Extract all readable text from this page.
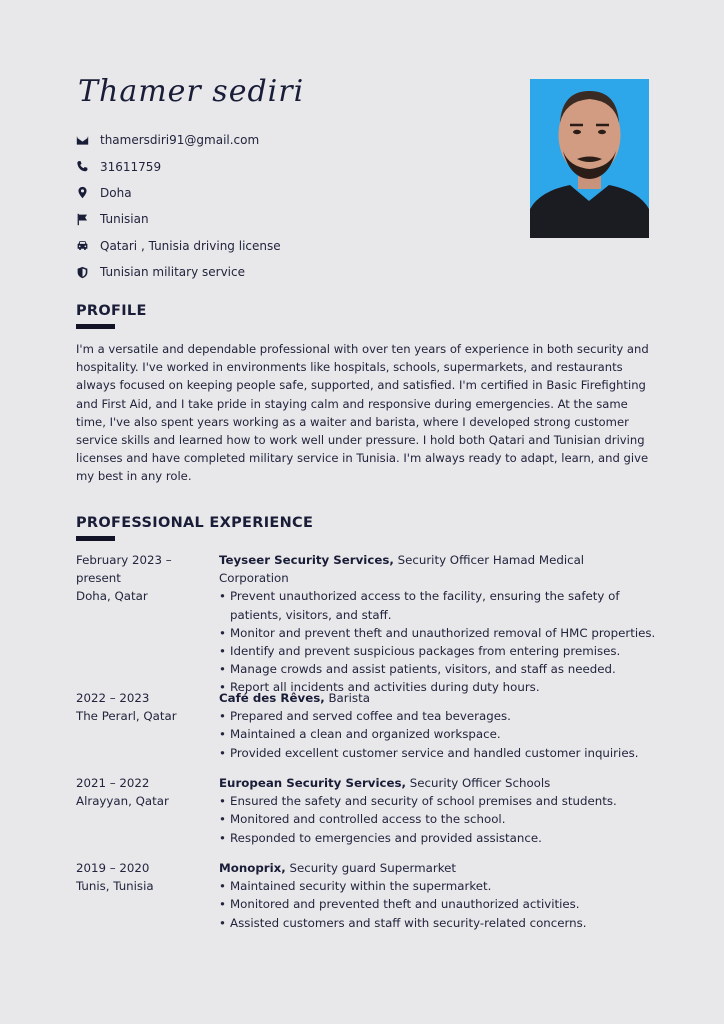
Thamer sediri
thamersdiri91@gmail.com
31611759
Doha
Tunisian
Qatari , Tunisia driving license
Tunisian military service
PROFILE

I'm a versatile and dependable professional with over ten years of experience in both security and hospitality. I've worked in environments like hospitals, schools, supermarkets, and restaurants always focused on keeping people safe, supported, and satisfied. I'm certified in Basic Firefighting and First Aid, and I take pride in staying calm and responsive during emergencies. At the same time, I've also spent years working as a waiter and barista, where I developed strong customer service skills and learned how to work well under pressure. I hold both Qatari and Tunisian driving licenses and have completed military service in Tunisia. I'm always ready to adapt, learn, and give my best in any role.

PROFESSIONAL EXPERIENCE
February 2023 – present
Doha, Qatar
Teyseer Security Services, Security Officer Hamad Medical Corporation
• Prevent unauthorized access to the facility, ensuring the safety of patients, visitors, and staff.
• Monitor and prevent theft and unauthorized removal of HMC properties.
• Identify and prevent suspicious packages from entering premises.
• Manage crowds and assist patients, visitors, and staff as needed.
• Report all incidents and activities during duty hours.
2022 – 2023
The Perarl, Qatar
Café des Rêves, Barista
• Prepared and served coffee and tea beverages.
• Maintained a clean and organized workspace.
• Provided excellent customer service and handled customer inquiries.
2021 – 2022
Alrayyan, Qatar
European Security Services, Security Officer Schools
• Ensured the safety and security of school premises and students.
• Monitored and controlled access to the school.
• Responded to emergencies and provided assistance.
2019 – 2020
Tunis, Tunisia
Monoprix, Security guard Supermarket
• Maintained security within the supermarket.
• Monitored and prevented theft and unauthorized activities.
• Assisted customers and staff with security-related concerns.
